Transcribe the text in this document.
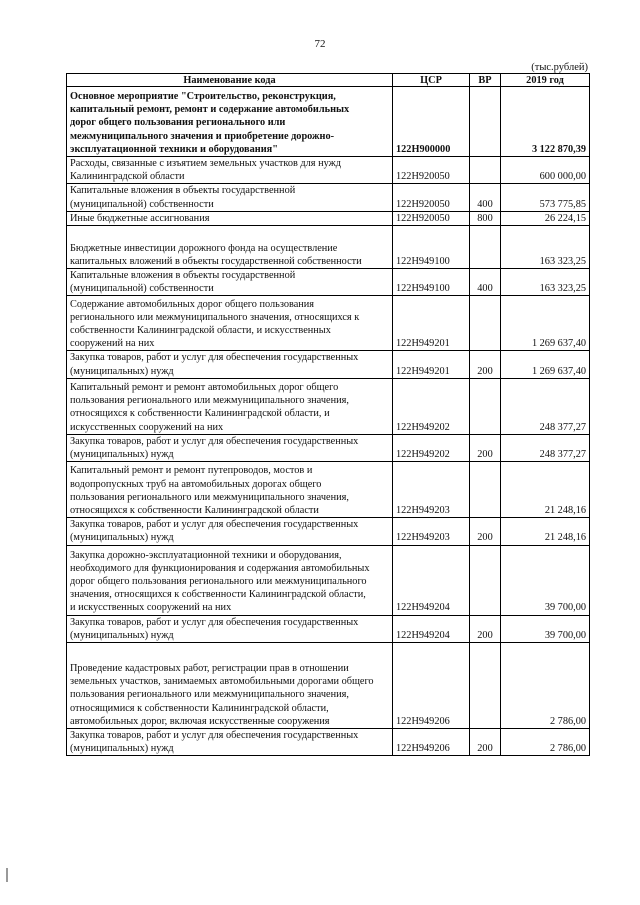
72
(тыс.рублей)
Наименование кода	ЦСР	ВР	2019 год
Основное мероприятие "Строительство, реконструкция,
капитальный ремонт, ремонт и содержание автомобильных
дорог общего пользования регионального или
межмуниципального значения и приобретение дорожно-
эксплуатационной техники и оборудования"	122Н900000		3 122 870,39
Расходы, связанные с изъятием земельных участков для нужд
Калининградской области	122Н920050		600 000,00
Капитальные вложения в объекты государственной
(муниципальной) собственности	122Н920050	400	573 775,85
Иные бюджетные ассигнования	122Н920050	800	26 224,15
Бюджетные инвестиции дорожного фонда на осуществление
капитальных вложений в объекты государственной собственности	122Н949100		163 323,25
Капитальные вложения в объекты государственной
(муниципальной) собственности	122Н949100	400	163 323,25
Содержание автомобильных дорог общего пользования
регионального или межмуниципального значения, относящихся к
собственности Калининградской области, и искусственных
сооружений на них	122Н949201		1 269 637,40
Закупка товаров, работ и услуг для обеспечения государственных
(муниципальных) нужд	122Н949201	200	1 269 637,40
Капитальный ремонт и ремонт автомобильных дорог общего
пользования регионального или межмуниципального значения,
относящихся к собственности Калининградской области, и
искусственных сооружений на них	122Н949202		248 377,27
Закупка товаров, работ и услуг для обеспечения государственных
(муниципальных) нужд	122Н949202	200	248 377,27
Капитальный ремонт и ремонт путепроводов, мостов и
водопропускных труб на автомобильных дорогах общего
пользования регионального или межмуниципального значения,
относящихся к собственности Калининградской области	122Н949203		21 248,16
Закупка товаров, работ и услуг для обеспечения государственных
(муниципальных) нужд	122Н949203	200	21 248,16
Закупка дорожно-эксплуатационной техники и оборудования,
необходимого для функционирования и содержания автомобильных
дорог общего пользования регионального или межмуниципального
значения, относящихся к собственности Калининградской области,
и искусственных сооружений на них	122Н949204		39 700,00
Закупка товаров, работ и услуг для обеспечения государственных
(муниципальных) нужд	122Н949204	200	39 700,00
Проведение кадастровых работ, регистрации прав в отношении
земельных участков, занимаемых автомобильными дорогами общего
пользования регионального или межмуниципального значения,
относящимися к собственности Калининградской области,
автомобильных дорог, включая искусственные сооружения	122Н949206		2 786,00
Закупка товаров, работ и услуг для обеспечения государственных
(муниципальных) нужд	122Н949206	200	2 786,00
